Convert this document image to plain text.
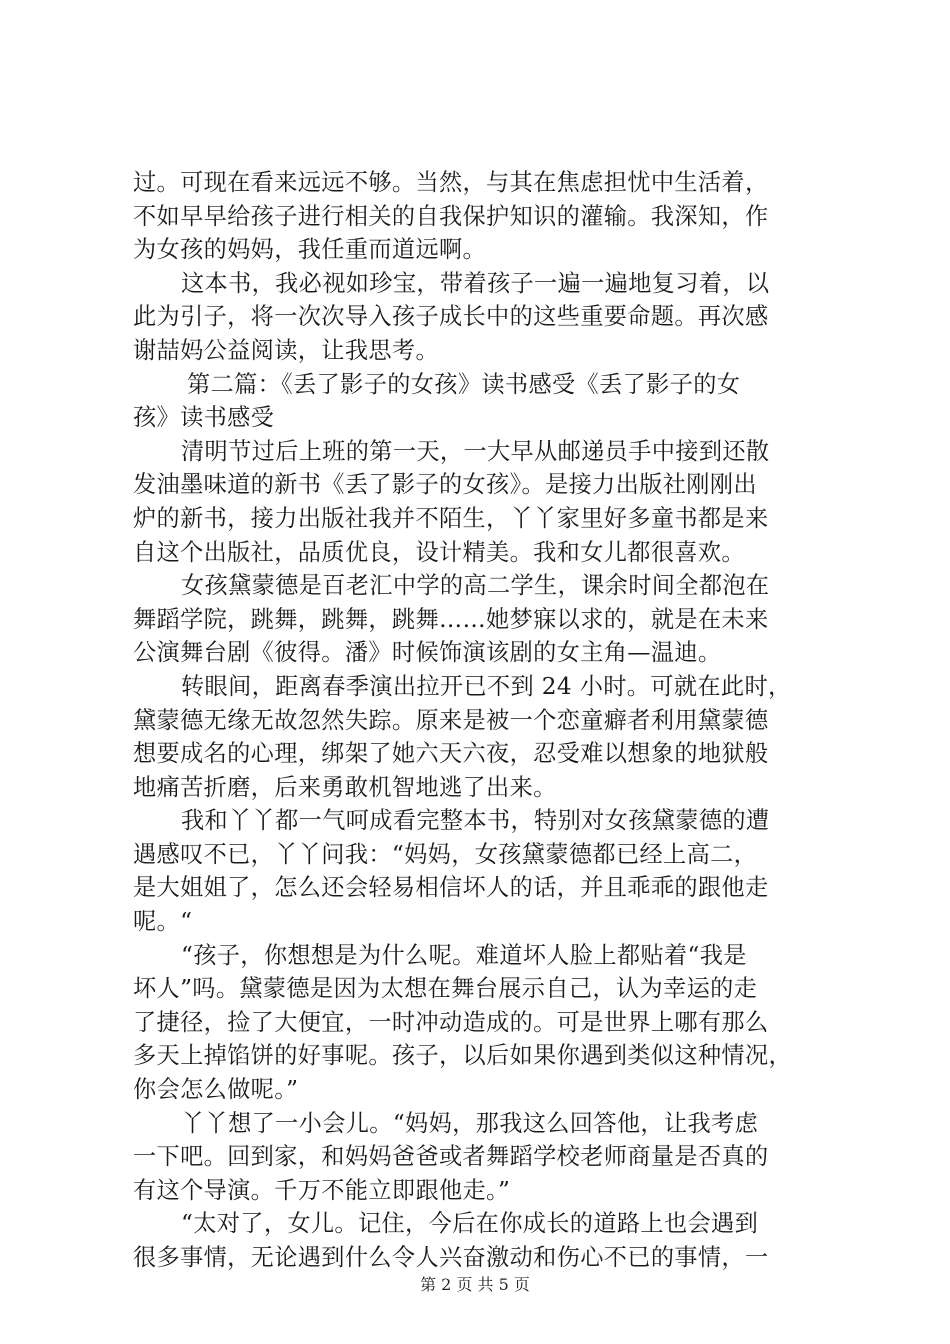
过。可现在看来远远不够。当然，与其在焦虑担忧中生活着，
不如早早给孩子进行相关的自我保护知识的灌输。我深知，作
为女孩的妈妈，我任重而道远啊。
这本书，我必视如珍宝，带着孩子一遍一遍地复习着，以
此为引子，将一次次导入孩子成长中的这些重要命题。再次感
谢喆妈公益阅读，让我思考。
第二篇：《丢了影子的女孩》读书感受《丢了影子的女
孩》读书感受
清明节过后上班的第一天，一大早从邮递员手中接到还散
发油墨味道的新书《丢了影子的女孩》。是接力出版社刚刚出
炉的新书，接力出版社我并不陌生，丫丫家里好多童书都是来
自这个出版社，品质优良，设计精美。我和女儿都很喜欢。
女孩黛蒙德是百老汇中学的高二学生，课余时间全都泡在
舞蹈学院，跳舞，跳舞，跳舞……她梦寐以求的，就是在未来
公演舞台剧《彼得。潘》时候饰演该剧的女主角—温迪。
转眼间，距离春季演出拉开已不到 24 小时。可就在此时，
黛蒙德无缘无故忽然失踪。原来是被一个恋童癖者利用黛蒙德
想要成名的心理，绑架了她六天六夜，忍受难以想象的地狱般
地痛苦折磨，后来勇敢机智地逃了出来。
我和丫丫都一气呵成看完整本书，特别对女孩黛蒙德的遭
遇感叹不已，丫丫问我：“妈妈，女孩黛蒙德都已经上高二，
是大姐姐了，怎么还会轻易相信坏人的话，并且乖乖的跟他走
呢。“
“孩子，你想想是为什么呢。难道坏人脸上都贴着“我是
坏人”吗。黛蒙德是因为太想在舞台展示自己，认为幸运的走
了捷径，捡了大便宜，一时冲动造成的。可是世界上哪有那么
多天上掉馅饼的好事呢。孩子，以后如果你遇到类似这种情况，
你会怎么做呢。”
丫丫想了一小会儿。“妈妈，那我这么回答他，让我考虑
一下吧。回到家，和妈妈爸爸或者舞蹈学校老师商量是否真的
有这个导演。千万不能立即跟他走。”
“太对了，女儿。记住，今后在你成长的道路上也会遇到
很多事情，无论遇到什么令人兴奋激动和伤心不已的事情，一
第 2 页 共 5 页
